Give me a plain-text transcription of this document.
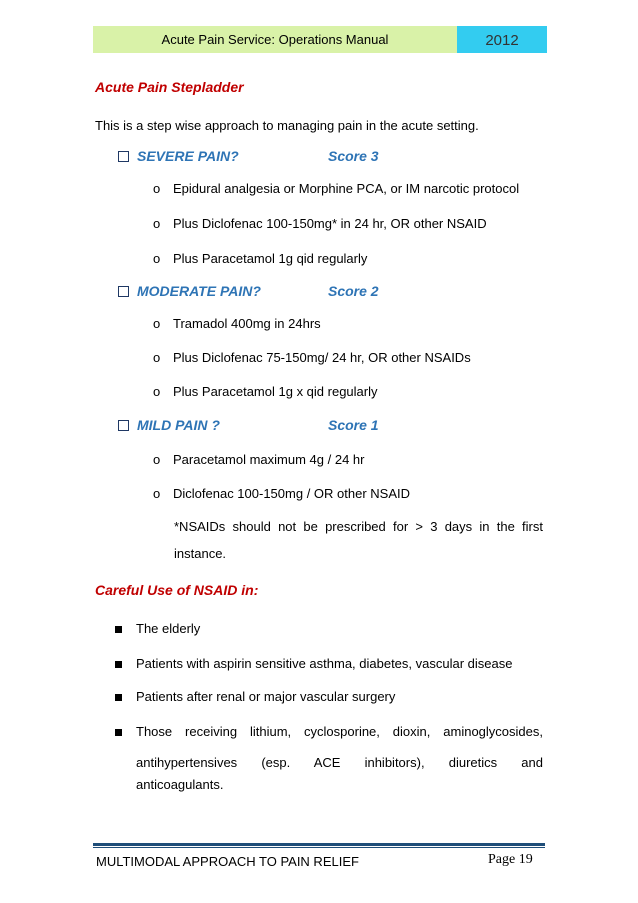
Acute Pain Service: Operations Manual	2012
Acute Pain Stepladder
This is a step wise approach to managing pain in the acute setting.
SEVERE PAIN?	Score 3
o Epidural analgesia or Morphine PCA, or IM narcotic protocol
o Plus Diclofenac 100-150mg* in 24 hr, OR other NSAID
o Plus Paracetamol 1g qid regularly
MODERATE PAIN?	Score 2
o Tramadol 400mg in 24hrs
o Plus Diclofenac 75-150mg/ 24 hr, OR other NSAIDs
o Plus Paracetamol 1g x qid regularly
MILD PAIN ?	Score 1
o Paracetamol maximum 4g / 24 hr
o Diclofenac 100-150mg / OR other NSAID
*NSAIDs should not be prescribed for > 3 days in the first
instance.
Careful Use of NSAID in:
The elderly
Patients with aspirin sensitive asthma, diabetes, vascular disease
Patients after renal or major vascular surgery
Those receiving lithium, cyclosporine, dioxin, aminoglycosides,
antihypertensives (esp. ACE inhibitors), diuretics and
anticoagulants.
MULTIMODAL APPROACH TO PAIN RELIEF	Page 19
